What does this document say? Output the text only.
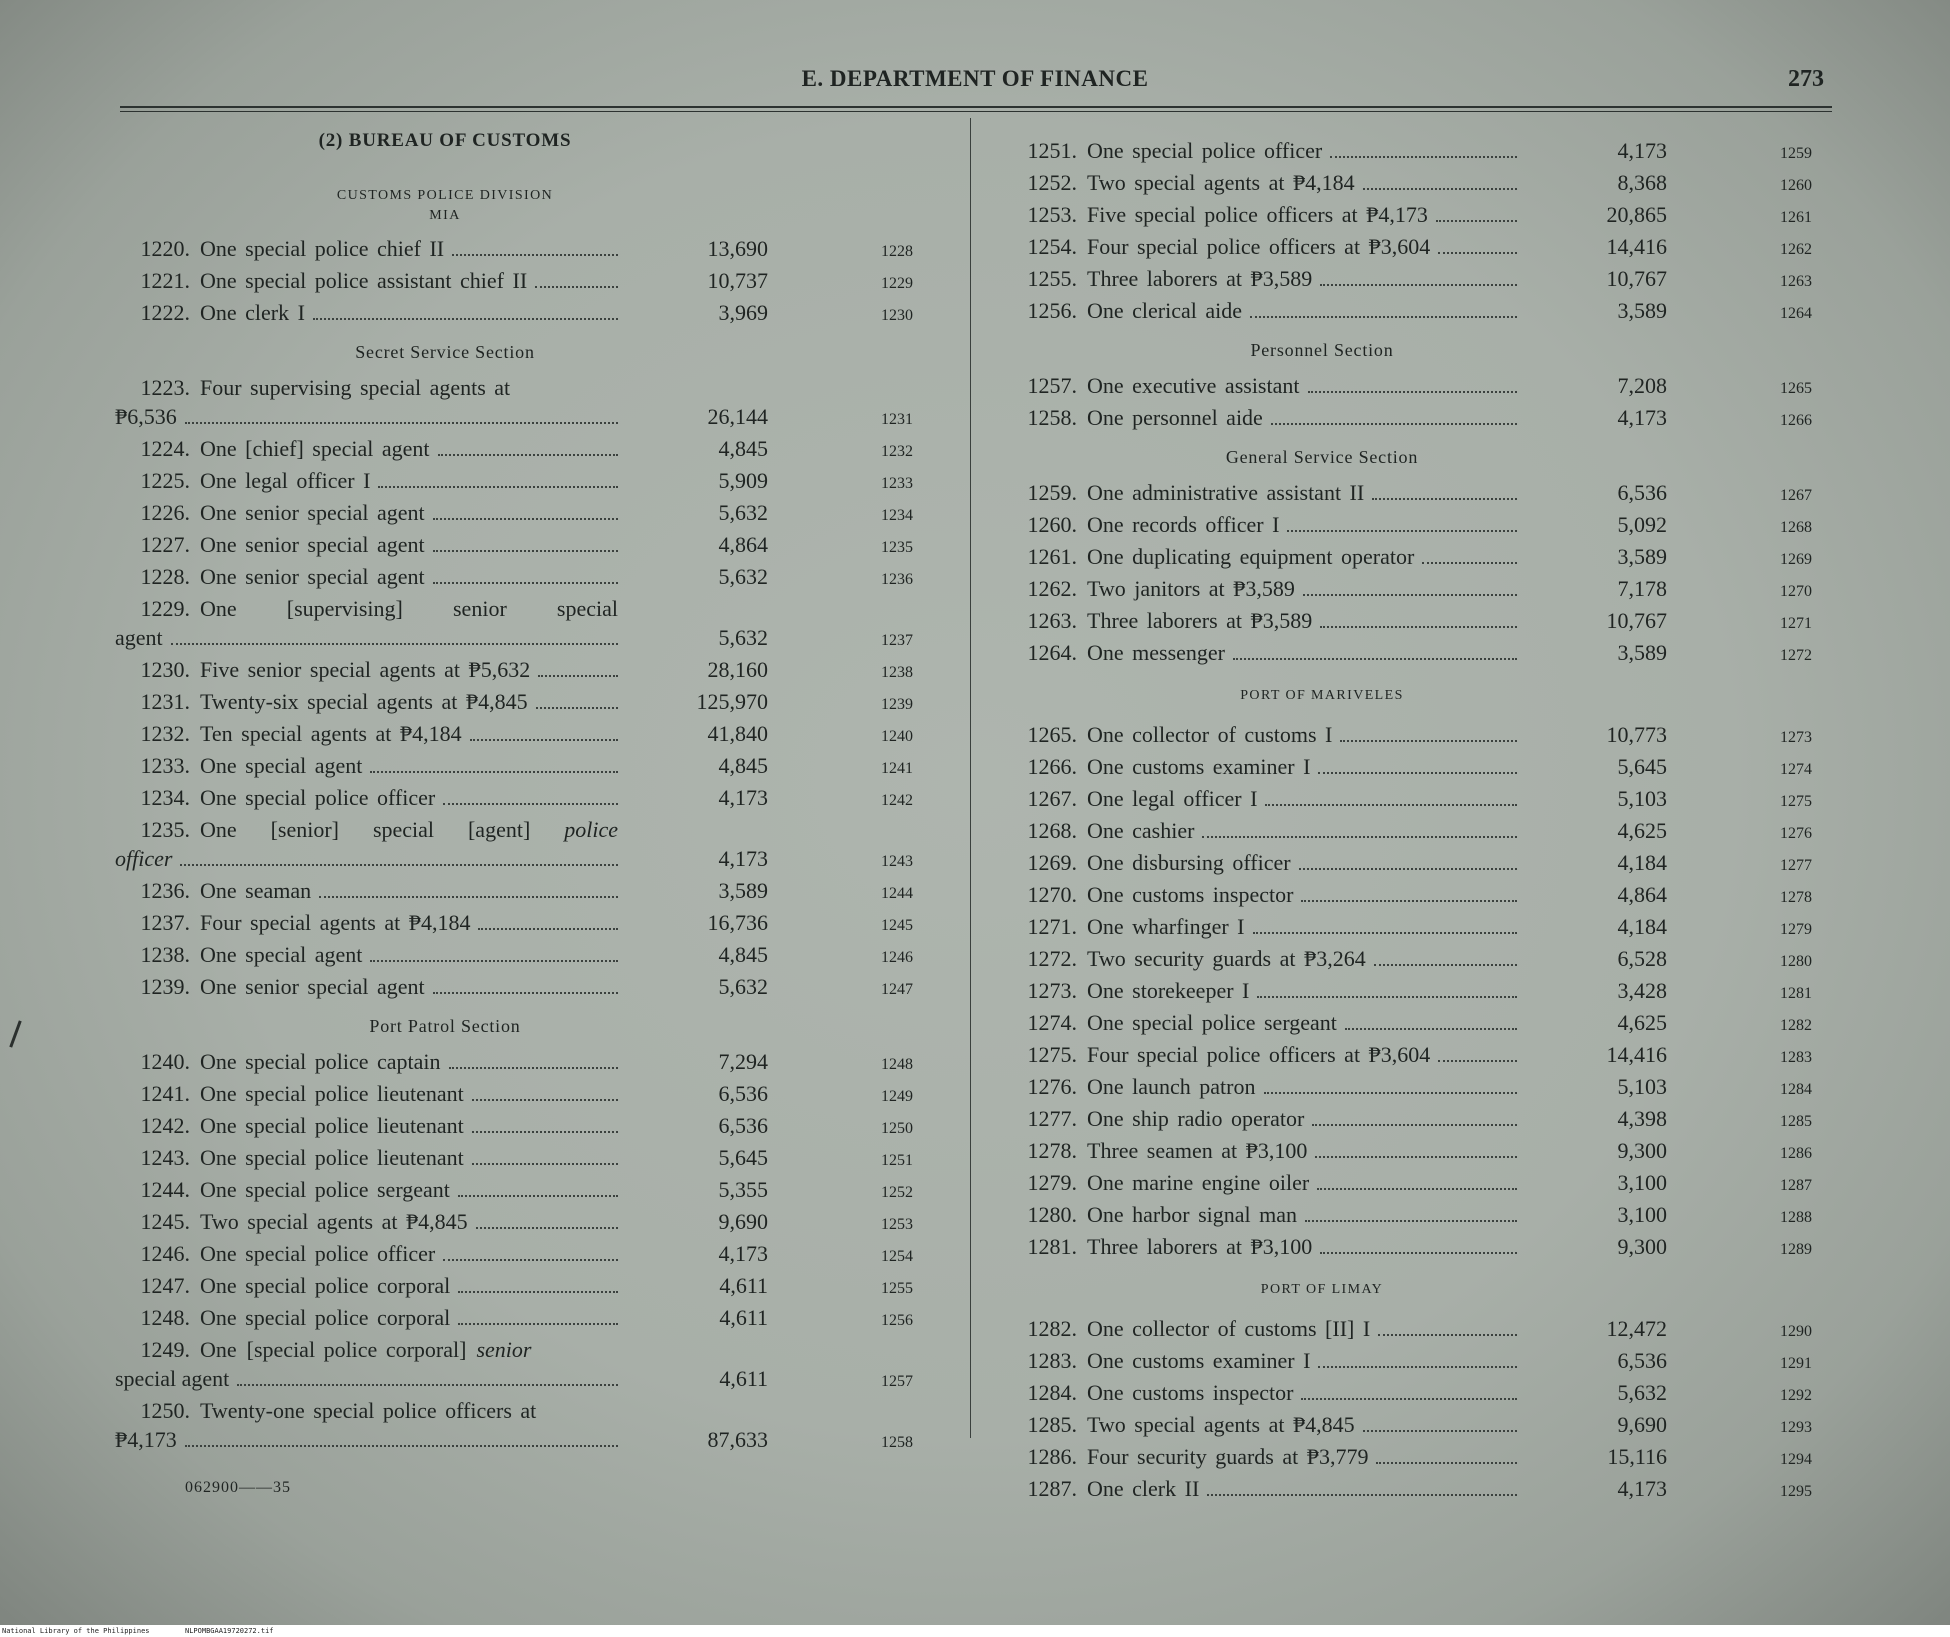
E. DEPARTMENT OF FINANCE	273
(2) BUREAU OF CUSTOMS
CUSTOMS POLICE DIVISION
MIA
1220. One special police chief II	13,690	1228
1221. One special police assistant chief II	10,737	1229
1222. One clerk I	3,969	1230
Secret Service Section
1223. Four supervising special agents at
₱6,536	26,144	1231
1224. One [chief] special agent	4,845	1232
1225. One legal officer I	5,909	1233
1226. One senior special agent	5,632	1234
1227. One senior special agent	4,864	1235
1228. One senior special agent	5,632	1236
1229. One [supervising] senior special
agent	5,632	1237
1230. Five senior special agents at ₱5,632	28,160	1238
1231. Twenty-six special agents at ₱4,845	125,970	1239
1232. Ten special agents at ₱4,184	41,840	1240
1233. One special agent	4,845	1241
1234. One special police officer	4,173	1242
1235. One [senior] special [agent] police
officer	4,173	1243
1236. One seaman	3,589	1244
1237. Four special agents at ₱4,184	16,736	1245
1238. One special agent	4,845	1246
1239. One senior special agent	5,632	1247
Port Patrol Section
1240. One special police captain	7,294	1248
1241. One special police lieutenant	6,536	1249
1242. One special police lieutenant	6,536	1250
1243. One special police lieutenant	5,645	1251
1244. One special police sergeant	5,355	1252
1245. Two special agents at ₱4,845	9,690	1253
1246. One special police officer	4,173	1254
1247. One special police corporal	4,611	1255
1248. One special police corporal	4,611	1256
1249. One [special police corporal] senior
special agent	4,611	1257
1250. Twenty-one special police officers at
₱4,173	87,633	1258
062900——35
1251. One special police officer	4,173	1259
1252. Two special agents at ₱4,184	8,368	1260
1253. Five special police officers at ₱4,173	20,865	1261
1254. Four special police officers at ₱3,604	14,416	1262
1255. Three laborers at ₱3,589	10,767	1263
1256. One clerical aide	3,589	1264
Personnel Section
1257. One executive assistant	7,208	1265
1258. One personnel aide	4,173	1266
General Service Section
1259. One administrative assistant II	6,536	1267
1260. One records officer I	5,092	1268
1261. One duplicating equipment operator	3,589	1269
1262. Two janitors at ₱3,589	7,178	1270
1263. Three laborers at ₱3,589	10,767	1271
1264. One messenger	3,589	1272
PORT OF MARIVELES
1265. One collector of customs I	10,773	1273
1266. One customs examiner I	5,645	1274
1267. One legal officer I	5,103	1275
1268. One cashier	4,625	1276
1269. One disbursing officer	4,184	1277
1270. One customs inspector	4,864	1278
1271. One wharfinger I	4,184	1279
1272. Two security guards at ₱3,264	6,528	1280
1273. One storekeeper I	3,428	1281
1274. One special police sergeant	4,625	1282
1275. Four special police officers at ₱3,604	14,416	1283
1276. One launch patron	5,103	1284
1277. One ship radio operator	4,398	1285
1278. Three seamen at ₱3,100	9,300	1286
1279. One marine engine oiler	3,100	1287
1280. One harbor signal man	3,100	1288
1281. Three laborers at ₱3,100	9,300	1289
PORT OF LIMAY
1282. One collector of customs [II] I	12,472	1290
1283. One customs examiner I	6,536	1291
1284. One customs inspector	5,632	1292
1285. Two special agents at ₱4,845	9,690	1293
1286. Four security guards at ₱3,779	15,116	1294
1287. One clerk II	4,173	1295
National Library of the Philippines	NLPOMBGAA19720272.tif
